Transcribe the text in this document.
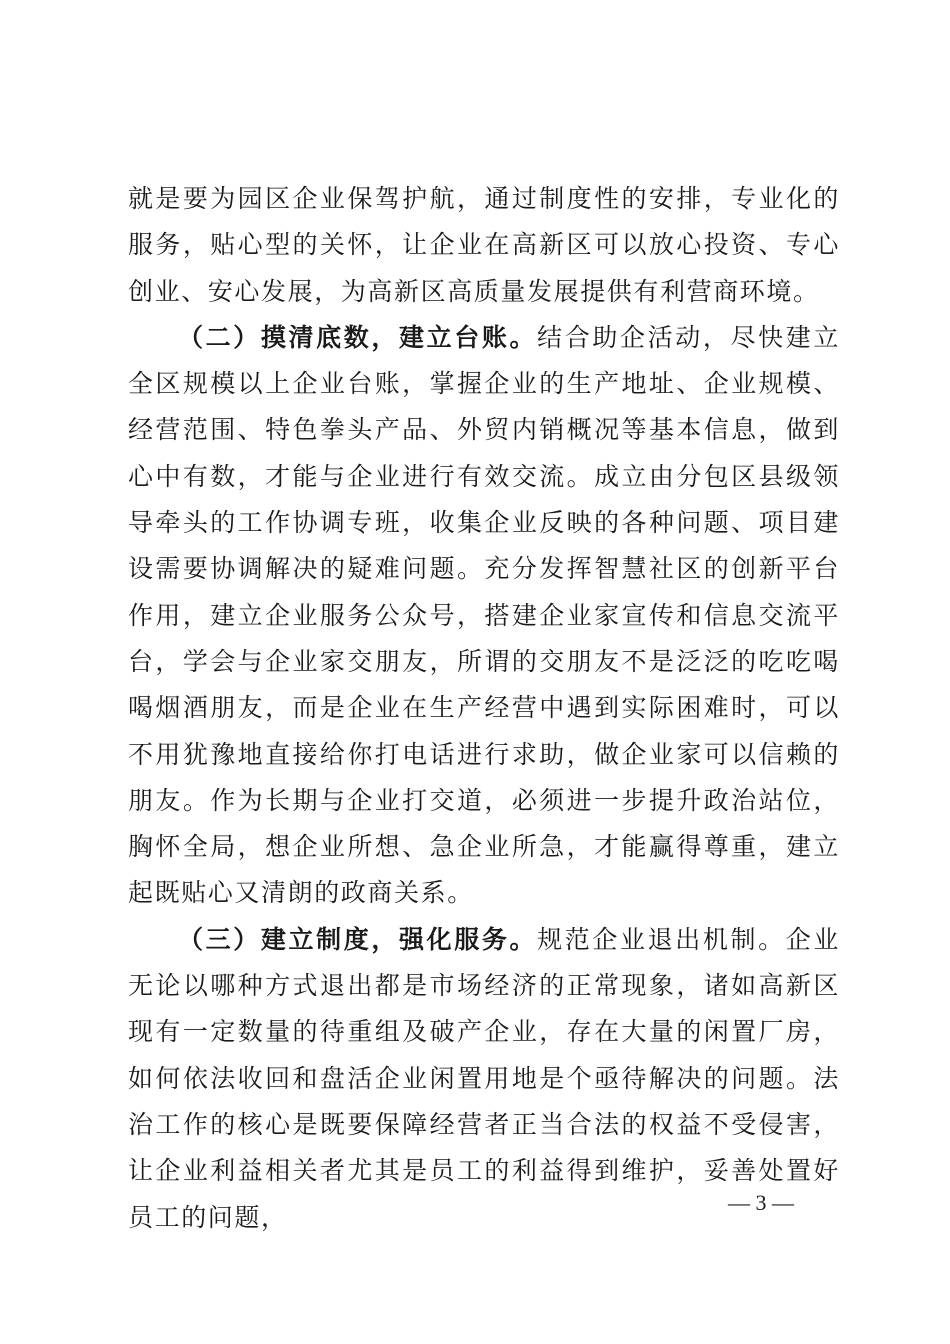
就是要为园区企业保驾护航，通过制度性的安排，专业化的服务，贴心型的关怀，让企业在高新区可以放心投资、专心创业、安心发展，为高新区高质量发展提供有利营商环境。

（二）摸清底数，建立台账。结合助企活动，尽快建立全区规模以上企业台账，掌握企业的生产地址、企业规模、经营范围、特色拳头产品、外贸内销概况等基本信息，做到心中有数，才能与企业进行有效交流。成立由分包区县级领导牵头的工作协调专班，收集企业反映的各种问题、项目建设需要协调解决的疑难问题。充分发挥智慧社区的创新平台作用，建立企业服务公众号，搭建企业家宣传和信息交流平台，学会与企业家交朋友，所谓的交朋友不是泛泛的吃吃喝喝烟酒朋友，而是企业在生产经营中遇到实际困难时，可以不用犹豫地直接给你打电话进行求助，做企业家可以信赖的朋友。作为长期与企业打交道，必须进一步提升政治站位，胸怀全局，想企业所想、急企业所急，才能赢得尊重，建立起既贴心又清朗的政商关系。

（三）建立制度，强化服务。规范企业退出机制。企业无论以哪种方式退出都是市场经济的正常现象，诸如高新区现有一定数量的待重组及破产企业，存在大量的闲置厂房，如何依法收回和盘活企业闲置用地是个亟待解决的问题。法治工作的核心是既要保障经营者正当合法的权益不受侵害，让企业利益相关者尤其是员工的利益得到维护，妥善处置好员工的问题，

— 3 —
